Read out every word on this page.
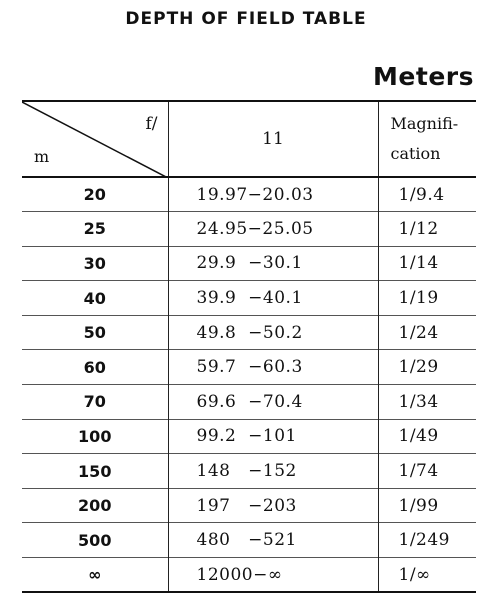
DEPTH OF FIELD TABLE
Meters
f/
m	11	Magnifi-
cation
20	19.97−20.03	1/9.4
25	24.95−25.05	1/12
30	29.9  −30.1	1/14
40	39.9  −40.1	1/19
50	49.8  −50.2	1/24
60	59.7  −60.3	1/29
70	69.6  −70.4	1/34
100	99.2  −101	1/49
150	148   −152	1/74
200	197   −203	1/99
500	480   −521	1/249
∞	12000−∞	1/∞
